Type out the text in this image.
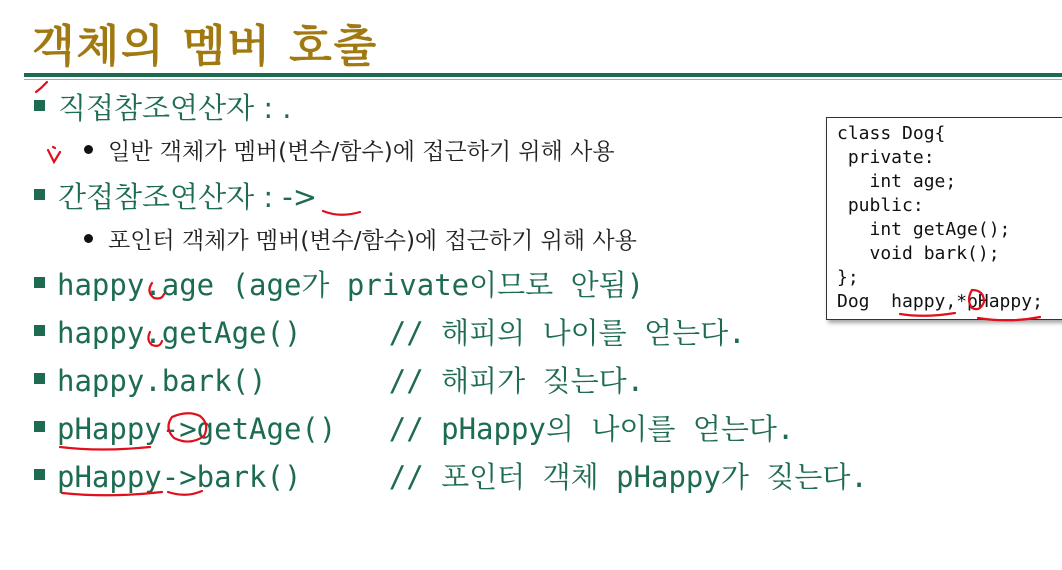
객체의 멤버 호출
직접참조연산자 : .
일반 객체가 멤버(변수/함수)에 접근하기 위해 사용
간접참조연산자 : ->
포인터 객체가 멤버(변수/함수)에 접근하기 위해 사용
happy.age (age가 private이므로 안됨)
happy.getAge()     // 해피의 나이를 얻는다.
happy.bark()       // 해피가 짖는다.
pHappy->getAge()   // pHappy의 나이를 얻는다.
pHappy->bark()     // 포인터 객체 pHappy가 짖는다.
class Dog{
private:
int age;
public:
int getAge();
void bark();
};
Dog  happy,*pHappy;
